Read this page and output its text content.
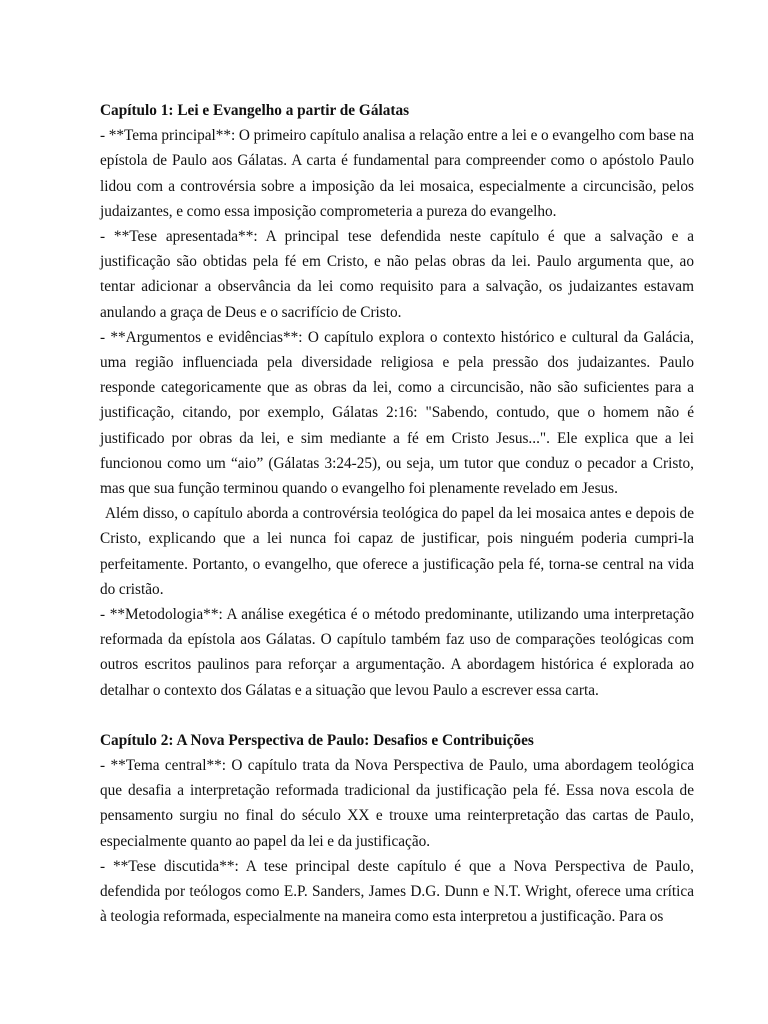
Capítulo 1: Lei e Evangelho a partir de Gálatas

- **Tema principal**: O primeiro capítulo analisa a relação entre a lei e o evangelho com base na epístola de Paulo aos Gálatas. A carta é fundamental para compreender como o apóstolo Paulo lidou com a controvérsia sobre a imposição da lei mosaica, especialmente a circuncisão, pelos judaizantes, e como essa imposição comprometeria a pureza do evangelho.

- **Tese apresentada**: A principal tese defendida neste capítulo é que a salvação e a justificação são obtidas pela fé em Cristo, e não pelas obras da lei. Paulo argumenta que, ao tentar adicionar a observância da lei como requisito para a salvação, os judaizantes estavam anulando a graça de Deus e o sacrifício de Cristo.

- **Argumentos e evidências**: O capítulo explora o contexto histórico e cultural da Galácia, uma região influenciada pela diversidade religiosa e pela pressão dos judaizantes. Paulo responde categoricamente que as obras da lei, como a circuncisão, não são suficientes para a justificação, citando, por exemplo, Gálatas 2:16: "Sabendo, contudo, que o homem não é justificado por obras da lei, e sim mediante a fé em Cristo Jesus...". Ele explica que a lei funcionou como um “aio” (Gálatas 3:24-25), ou seja, um tutor que conduz o pecador a Cristo, mas que sua função terminou quando o evangelho foi plenamente revelado em Jesus.

Além disso, o capítulo aborda a controvérsia teológica do papel da lei mosaica antes e depois de Cristo, explicando que a lei nunca foi capaz de justificar, pois ninguém poderia cumpri-la perfeitamente. Portanto, o evangelho, que oferece a justificação pela fé, torna-se central na vida do cristão.

- **Metodologia**: A análise exegética é o método predominante, utilizando uma interpretação reformada da epístola aos Gálatas. O capítulo também faz uso de comparações teológicas com outros escritos paulinos para reforçar a argumentação. A abordagem histórica é explorada ao detalhar o contexto dos Gálatas e a situação que levou Paulo a escrever essa carta.

Capítulo 2: A Nova Perspectiva de Paulo: Desafios e Contribuições

- **Tema central**: O capítulo trata da Nova Perspectiva de Paulo, uma abordagem teológica que desafia a interpretação reformada tradicional da justificação pela fé. Essa nova escola de pensamento surgiu no final do século XX e trouxe uma reinterpretação das cartas de Paulo, especialmente quanto ao papel da lei e da justificação.

- **Tese discutida**: A tese principal deste capítulo é que a Nova Perspectiva de Paulo, defendida por teólogos como E.P. Sanders, James D.G. Dunn e N.T. Wright, oferece uma crítica à teologia reformada, especialmente na maneira como esta interpretou a justificação. Para os
